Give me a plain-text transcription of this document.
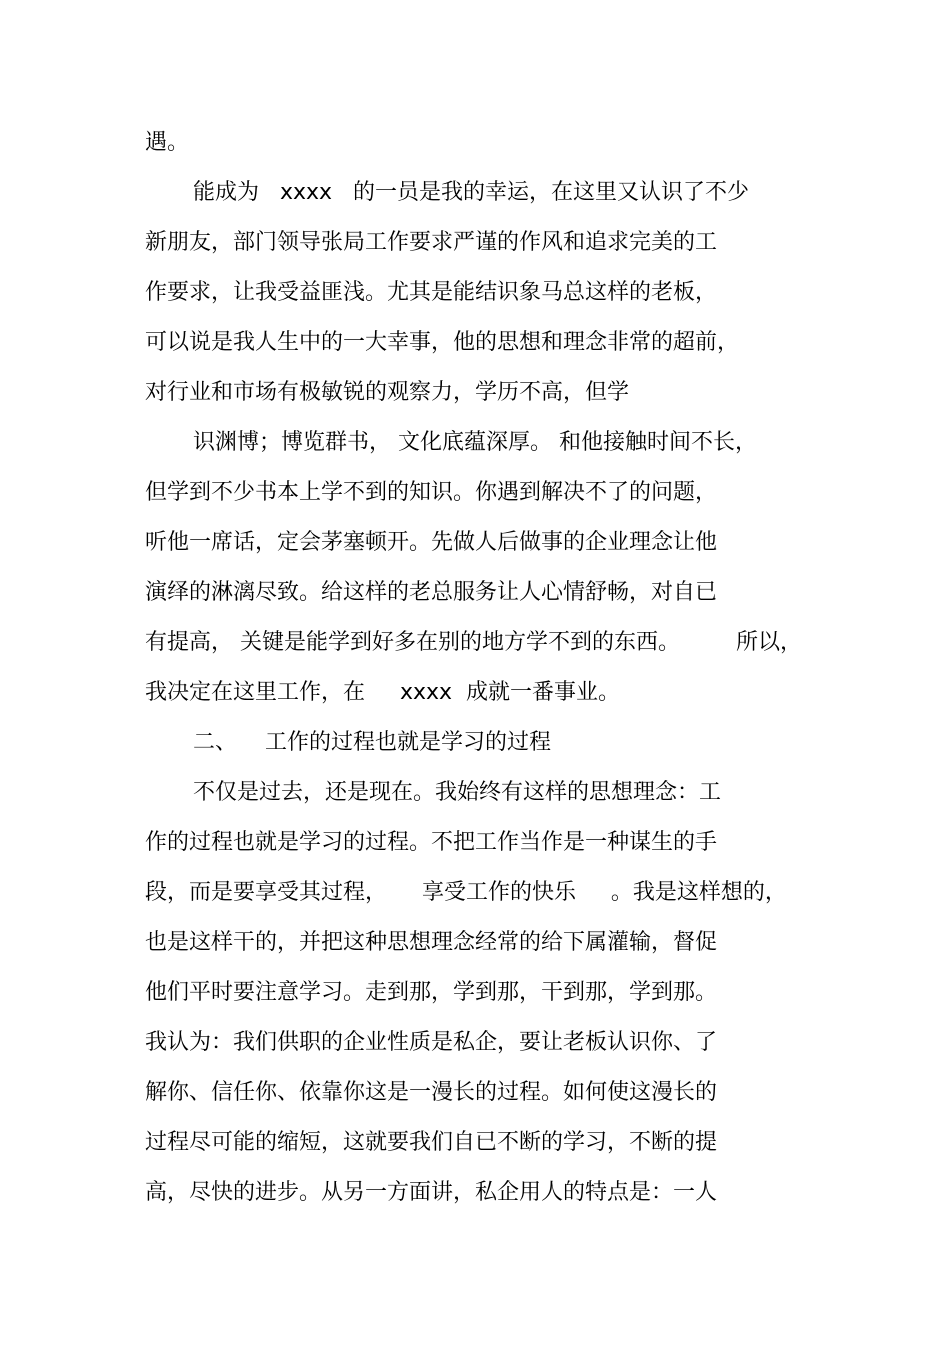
遇。
能成为   xxxx   的一员是我的幸运，在这里又认识了不少
新朋友，部门领导张局工作要求严谨的作风和追求完美的工
作要求，让我受益匪浅。尤其是能结识象马总这样的老板，
可以说是我人生中的一大幸事，他的思想和理念非常的超前，
对行业和市场有极敏锐的观察力，学历不高，但学
识渊博；博览群书， 文化底蕴深厚。 和他接触时间不长，
但学到不少书本上学不到的知识。你遇到解决不了的问题，
听他一席话，定会茅塞顿开。先做人后做事的企业理念让他
演绎的淋漓尽致。给这样的老总服务让人心情舒畅，对自已
有提高， 关键是能学到好多在别的地方学不到的东西。        所以，
我决定在这里工作，在     xxxx  成就一番事业。
二、    工作的过程也就是学习的过程
不仅是过去，还是现在。我始终有这样的思想理念：工
作的过程也就是学习的过程。不把工作当作是一种谋生的手
段，而是要享受其过程，     享受工作的快乐     。我是这样想的，
也是这样干的，并把这种思想理念经常的给下属灌输，督促
他们平时要注意学习。走到那，学到那，干到那，学到那。
我认为：我们供职的企业性质是私企，要让老板认识你、了
解你、信任你、依靠你这是一漫长的过程。如何使这漫长的
过程尽可能的缩短，这就要我们自已不断的学习，不断的提
高，尽快的进步。从另一方面讲，私企用人的特点是：一人
